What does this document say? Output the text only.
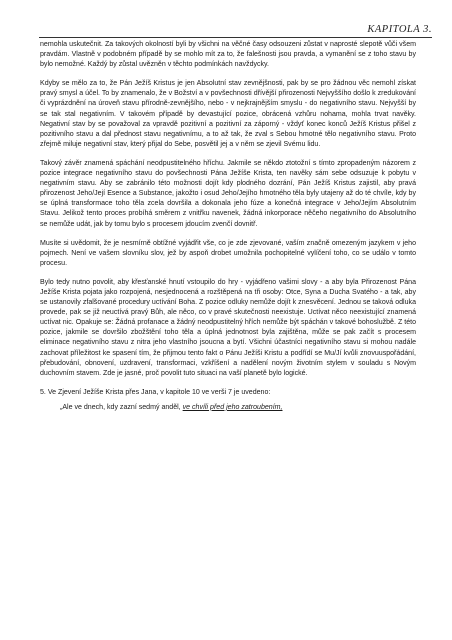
KAPITOLA 3.

nemohla uskutečnit. Za takových okolností byli by všichni na věčné časy odsouzeni zůstat v naprosté slepotě vůči všem pravdám. Vlastně v podobném případě by se mohlo mít za to, že falešnosti jsou pravda, a vymanění se z toho stavu by bylo nemožné. Každý by zůstal uvězněn v těchto podmínkách navždycky.

Kdyby se mělo za to, že Pán Ježíš Kristus je jen Absolutní stav zevnějšnosti, pak by se pro žádnou věc nemohl získat pravý smysl a účel. To by znamenalo, že v Božství a v povšechnosti dřívější přirozenosti Nejvyššího došlo k zredukování či vyprázdnění na úroveň stavu přírodně-zevnějšího, nebo - v nejkrajnějším smyslu - do negativního stavu. Nejvyšší by se tak stal negativním. V takovém případě by devastující pozice, obrácená vzhůru nohama, mohla trvat navěky. Negativní stav by se považoval za vpravdě pozitivní a pozitivní za záporný - vždyť konec konců Ježíš Kristus přišel z pozitivního stavu a dal přednost stavu negativnímu, a to až tak, že zval s Sebou hmotné tělo negativního stavu. Proto zřejmě miluje negativní stav, který přijal do Sebe, posvětil jej a v něm se zjevil Svému lidu.

Takový závěr znamená spáchání neodpustitelného hříchu. Jakmile se někdo ztotožní s tímto zpropadeným názorem z pozice integrace negativního stavu do povšechnosti Pána Ježíše Krista, ten navěky sám sebe odsuzuje k pobytu v negativním stavu. Aby se zabránilo této možnosti dojít kdy plodného dozrání, Pán Ježíš Kristus zajistil, aby pravá přirozenost Jeho/Její Esence a Substance, jakožto i osud Jeho/Jejího hmotného těla byly utajeny až do té chvíle, kdy by se úplná transformace toho těla zcela dovršila a dokonala jeho fúze a konečná integrace v Jeho/Jejím Absolutním Stavu. Jelikož tento proces probíhá směrem z vnitřku navenek, žádná inkorporace něčeho negativního do Absolutního se nemůže udát, jak by tomu bylo s procesem jdoucím zvenčí dovnitř.

Musíte si uvědomit, že je nesmírně obtížné vyjádřit vše, co je zde zjevované, vaším značně omezeným jazykem v jeho pojmech. Není ve vašem slovníku slov, jež by aspoň drobet umožnila pochopitelné vylíčení toho, co se událo v tomto procesu.

Bylo tedy nutno povolit, aby křesťanské hnutí vstoupilo do hry - vyjádřeno vašimi slovy - a aby byla Přirozenost Pána Ježíše Krista pojata jako rozpojená, nesjednocená a rozštěpená na tři osoby: Otce, Syna a Ducha Svatého - a tak, aby se ustanovily zfalšované procedury uctívání Boha. Z pozice odluky nemůže dojít k znesvěcení. Jednou se taková odluka provede, pak se již neuctívá pravý Bůh, ale něco, co v pravé skutečnosti neexistuje. Uctívat něco neexistující znamená uctívat nic. Opakuje se: Žádná profanace a žádný neodpustitelný hřích nemůže být spáchán v takové bohoslužbě. Z této pozice, jakmile se dovršilo zbožštění toho těla a úplná jednotnost byla zajištěna, může se pak začít s procesem eliminace negativního stavu z nitra jeho vlastního jsoucna a bytí. Všichni účastníci negativního stavu si mohou nadále zachovat příležitost ke spasení tím, že přijmou tento fakt o Pánu Ježíši Kristu a podřídí se Mu/Jí kvůli znovuuspořádání, přebudování, obnovení, uzdravení, transformaci, vzkříšení a nadělení novým životním stylem v souladu s Novým duchovním stavem. Zde je jasné, proč povolit tuto situaci na vaší planetě bylo logické.

5. Ve Zjevení Ježíše Krista přes Jana, v kapitole 10 ve verši 7 je uvedeno:

„Ale ve dnech, kdy zazní sedmý anděl, ve chvíli před jeho zatroubením,
